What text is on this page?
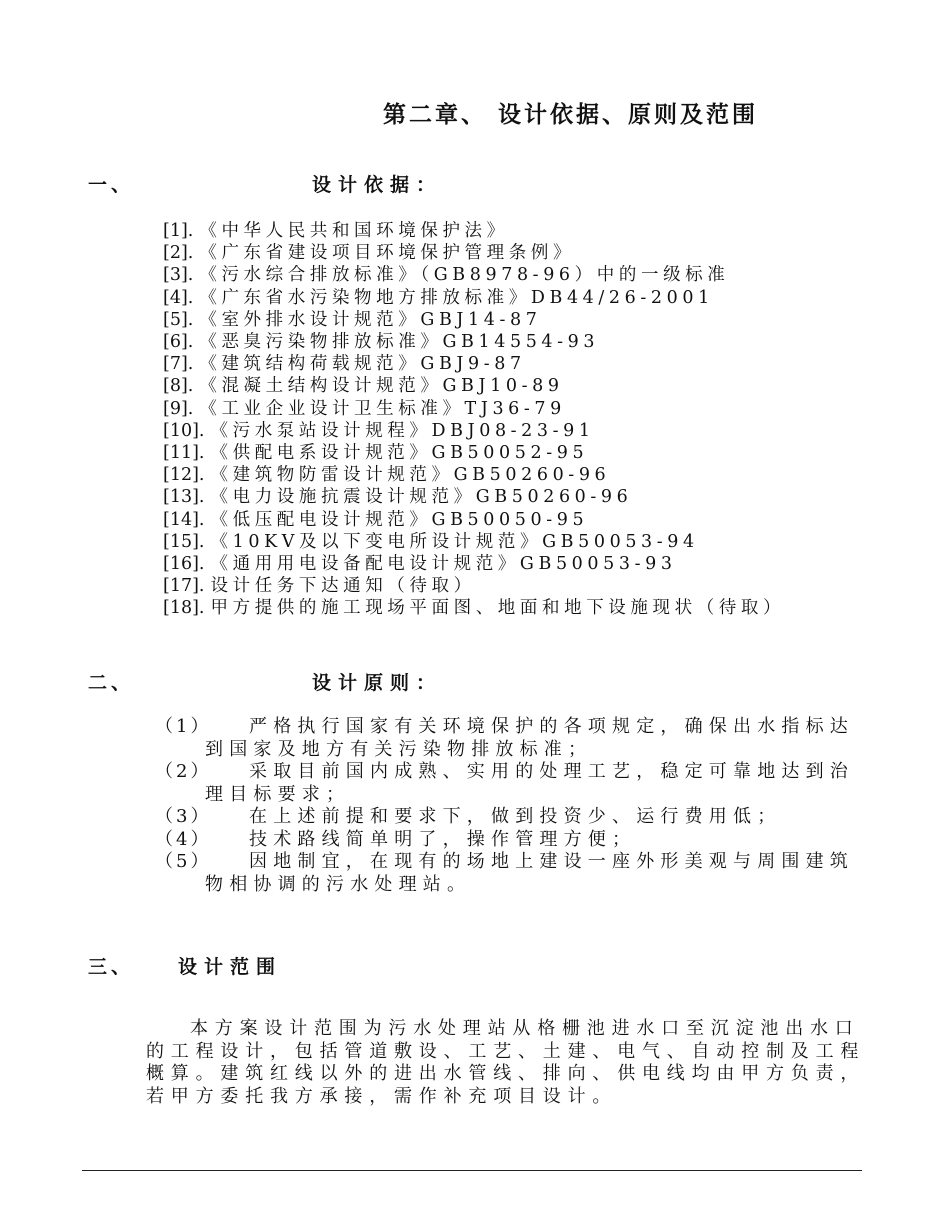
第二章、 设计依据、原则及范围
一、	设计依据：
[1]. 《中华人民共和国环境保护法》
[2]. 《广东省建设项目环境保护管理条例》
[3]. 《污水综合排放标准》（GB8978-96）中的一级标准
[4]. 《广东省水污染物地方排放标准》DB44/26-2001
[5]. 《室外排水设计规范》GBJ14-87
[6]. 《恶臭污染物排放标准》GB14554-93
[7]. 《建筑结构荷载规范》GBJ9-87
[8]. 《混凝土结构设计规范》GBJ10-89
[9]. 《工业企业设计卫生标准》TJ36-79
[10]. 《污水泵站设计规程》DBJ08-23-91
[11]. 《供配电系设计规范》GB50052-95
[12]. 《建筑物防雷设计规范》GB50260-96
[13]. 《电力设施抗震设计规范》GB50260-96
[14]. 《低压配电设计规范》GB50050-95
[15]. 《10KV及以下变电所设计规范》GB50053-94
[16]. 《通用用电设备配电设计规范》GB50053-93
[17]. 设计任务下达通知（待取）
[18]. 甲方提供的施工现场平面图、地面和地下设施现状（待取）
二、	设计原则：
（1）	严格执行国家有关环境保护的各项规定，确保出水指标达到国家及地方有关污染物排放标准；
（2）	采取目前国内成熟、实用的处理工艺，稳定可靠地达到治理目标要求；
（3）	在上述前提和要求下，做到投资少、运行费用低；
（4）	技术路线简单明了，操作管理方便；
（5）	因地制宜，在现有的场地上建设一座外形美观与周围建筑物相协调的污水处理站。
三、 设计范围
本方案设计范围为污水处理站从格栅池进水口至沉淀池出水口的工程设计，包括管道敷设、工艺、土建、电气、自动控制及工程概算。建筑红线以外的进出水管线、排向、供电线均由甲方负责，若甲方委托我方承接，需作补充项目设计。
